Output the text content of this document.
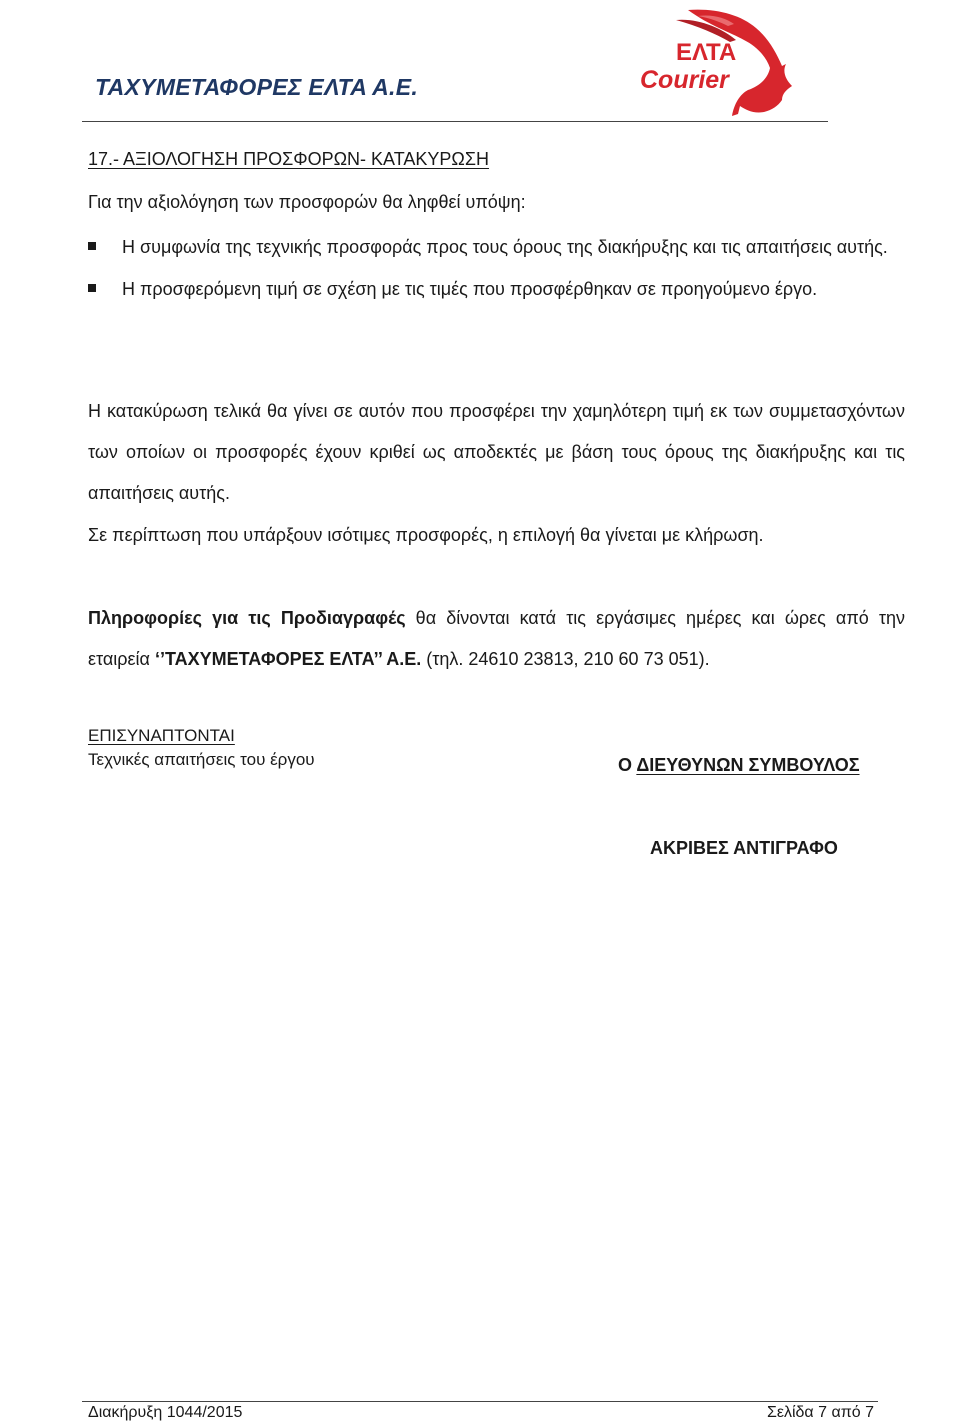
ΤΑΧΥΜΕΤΑΦΟΡΕΣ ΕΛΤΑ Α.Ε.
ΕΛΤΑ
Courier
17.- ΑΞΙΟΛΟΓΗΣΗ ΠΡΟΣΦΟΡΩΝ- ΚΑΤΑΚΥΡΩΣΗ
Για την αξιολόγηση των προσφορών θα ληφθεί υπόψη:
Η συμφωνία της τεχνικής προσφοράς προς τους όρους της διακήρυξης και τις απαιτήσεις αυτής.
Η προσφερόμενη τιμή σε σχέση με τις τιμές που προσφέρθηκαν σε προηγούμενο έργο.
Η κατακύρωση τελικά θα γίνει σε αυτόν που προσφέρει την χαμηλότερη τιμή εκ των συμμετασχόντων των οποίων οι προσφορές έχουν κριθεί ως αποδεκτές με βάση τους όρους της διακήρυξης και τις απαιτήσεις αυτής.
Σε περίπτωση που υπάρξουν ισότιμες προσφορές, η επιλογή θα γίνεται με κλήρωση.
Πληροφορίες για τις Προδιαγραφές θα δίνονται κατά τις εργάσιμες ημέρες και ώρες από την εταιρεία ‘’ΤΑΧΥΜΕΤΑΦΟΡΕΣ ΕΛΤΑ’’ Α.Ε. (τηλ. 24610 23813, 210 60 73 051).
ΕΠΙΣΥΝΑΠΤΟΝΤΑΙ
Τεχνικές απαιτήσεις του έργου	Ο ΔΙΕΥΘΥΝΩΝ ΣΥΜΒΟΥΛΟΣ
ΑΚΡΙΒΕΣ ΑΝΤΙΓΡΑΦΟ
Διακήρυξη 1044/2015	Σελίδα 7 από 7
